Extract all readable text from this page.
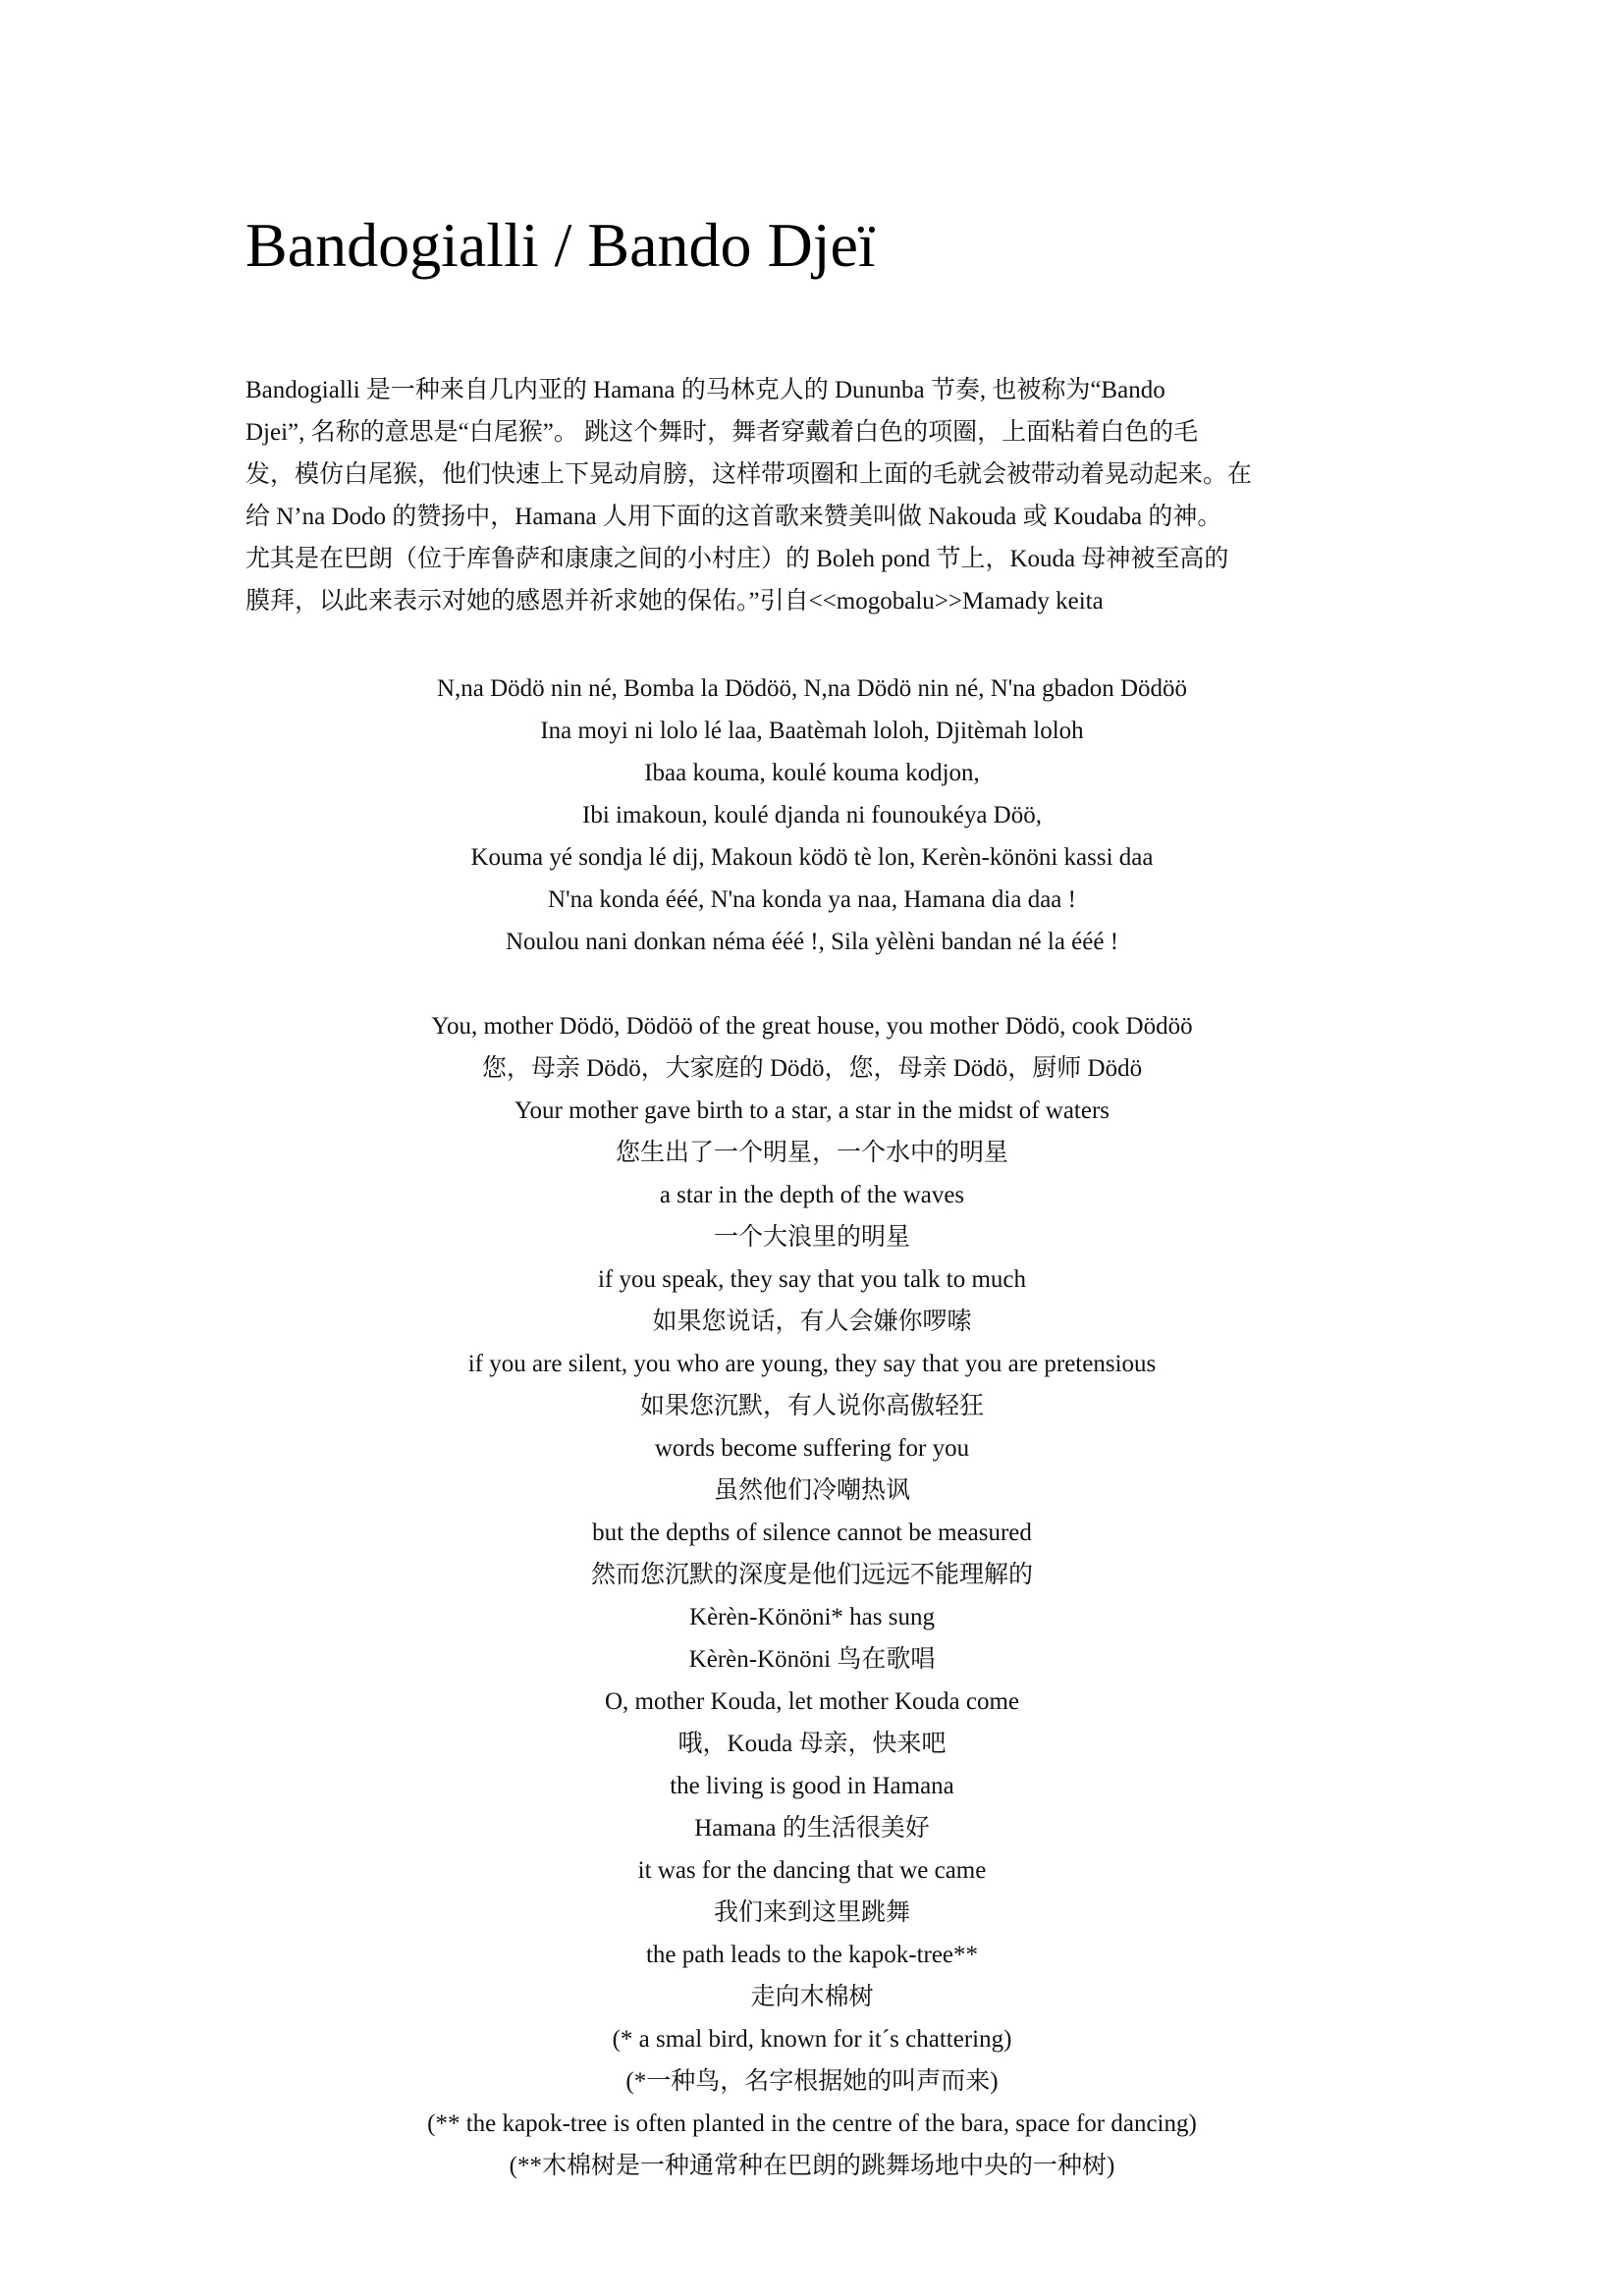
Bandogialli / Bando Djeï
Bandogialli 是一种来自几内亚的 Hamana 的马林克人的 Dununba 节奏, 也被称为“Bando
Djei”, 名称的意思是“白尾猴”。 跳这个舞时，舞者穿戴着白色的项圈，上面粘着白色的毛
发，模仿白尾猴，他们快速上下晃动肩膀，这样带项圈和上面的毛就会被带动着晃动起来。在
给 N’na Dodo 的赞扬中，Hamana 人用下面的这首歌来赞美叫做 Nakouda 或 Koudaba 的神。
尤其是在巴朗（位于库鲁萨和康康之间的小村庄）的 Boleh pond 节上，Kouda 母神被至高的
膜拜，以此来表示对她的感恩并祈求她的保佑。”引自<<mogobalu>>Mamady keita
N,na Dödö nin né, Bomba la Dödöö, N,na Dödö nin né, N'na gbadon Dödöö
Ina moyi ni lolo lé laa, Baatèmah loloh, Djitèmah loloh
Ibaa kouma, koulé kouma kodjon,
Ibi imakoun, koulé djanda ni founoukéya Döö,
Kouma yé sondja lé dij, Makoun ködö tè lon, Kerèn-könöni kassi daa
N'na konda ééé, N'na konda ya naa, Hamana dia daa !
Noulou nani donkan néma ééé !, Sila yèlèni bandan né la ééé !
You, mother Dödö, Dödöö of the great house, you mother Dödö, cook Dödöö
您，母亲 Dödö，大家庭的 Dödö，您，母亲 Dödö，厨师 Dödö
Your mother gave birth to a star, a star in the midst of waters
您生出了一个明星，一个水中的明星
a star in the depth of the waves
一个大浪里的明星
if you speak, they say that you talk to much
如果您说话，有人会嫌你啰嗦
if you are silent, you who are young, they say that you are pretensious
如果您沉默，有人说你高傲轻狂
words become suffering for you
虽然他们冷嘲热讽
but the depths of silence cannot be measured
然而您沉默的深度是他们远远不能理解的
Kèrèn-Könöni* has sung
Kèrèn-Könöni 鸟在歌唱
O, mother Kouda, let mother Kouda come
哦，Kouda 母亲，快来吧
the living is good in Hamana
Hamana 的生活很美好
it was for the dancing that we came
我们来到这里跳舞
the path leads to the kapok-tree**
走向木棉树
(* a smal bird, known for it´s chattering)
(*一种鸟，名字根据她的叫声而来)
(** the kapok-tree is often planted in the centre of the bara, space for dancing)
(**木棉树是一种通常种在巴朗的跳舞场地中央的一种树)
